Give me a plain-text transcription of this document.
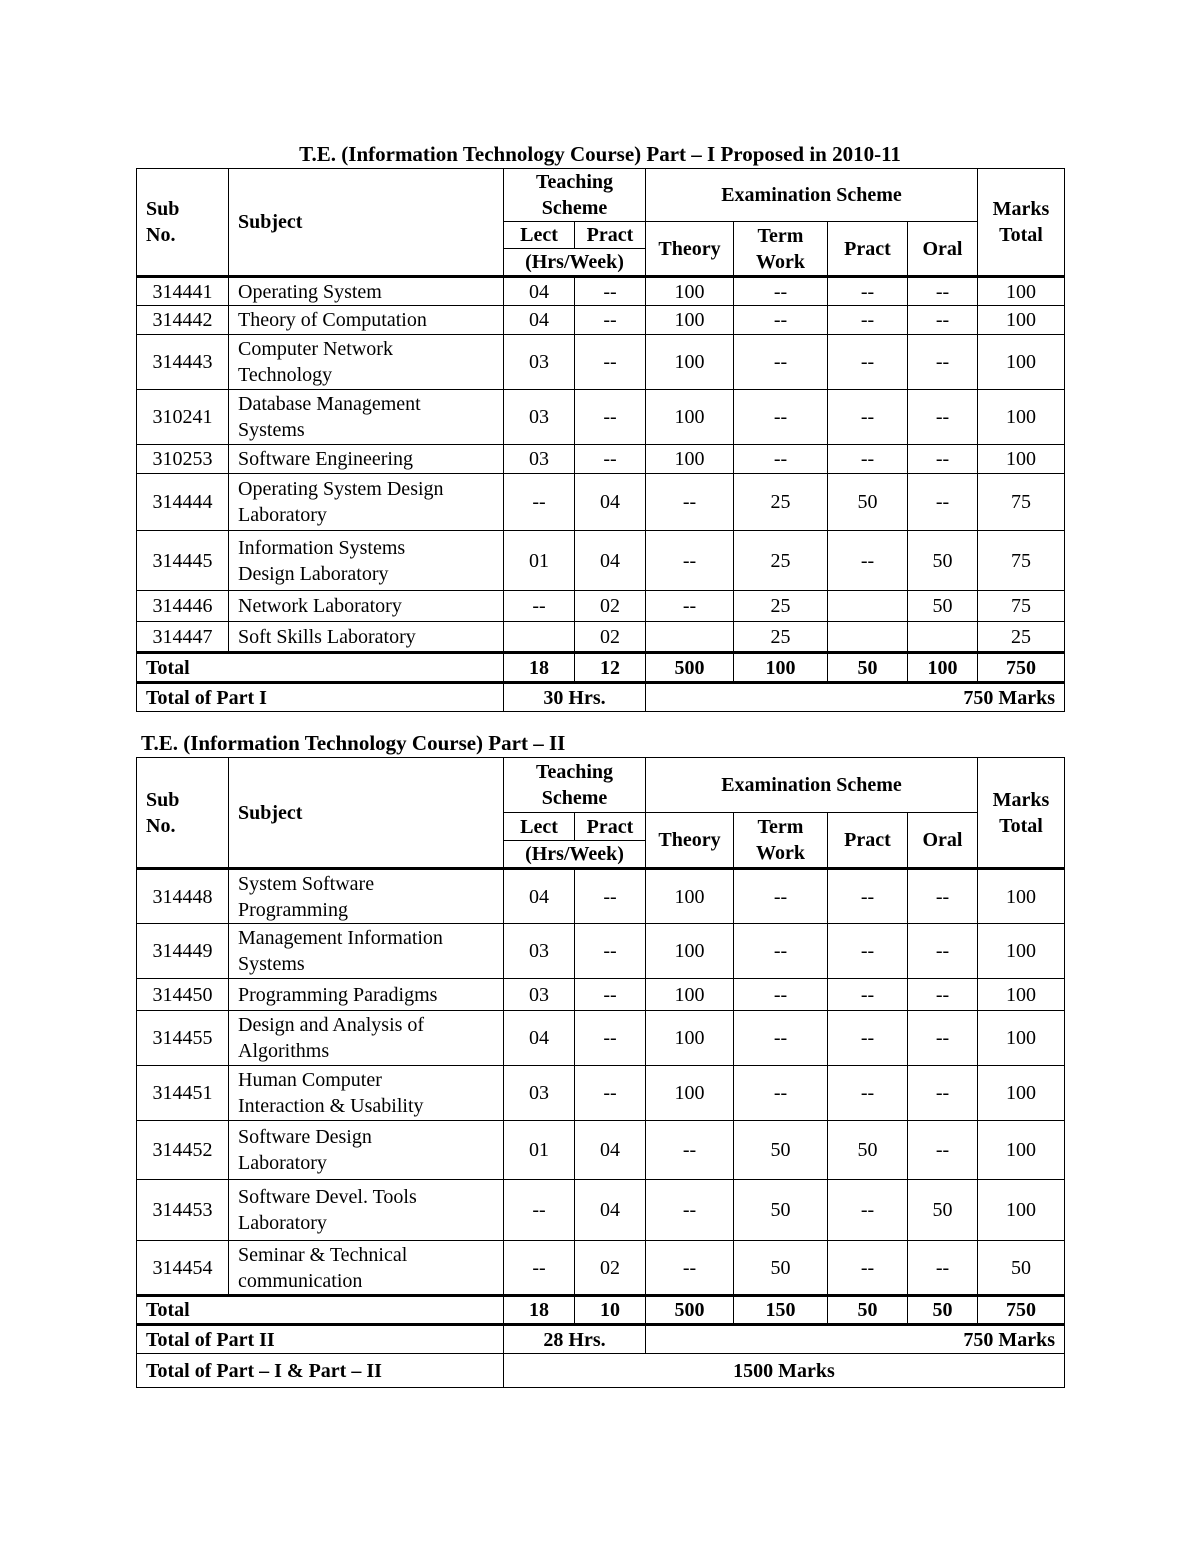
T.E. (Information Technology Course) Part – I Proposed in 2010-11
Sub
No.	Subject	Teaching
Scheme		Examination Scheme				Marks
Total
		Lect	Pract	Theory	Term
Work	Pract	Oral	
		(Hrs/Week)						
314441	Operating System	04	--	100	--	--	--	100
314442	Theory of Computation	04	--	100	--	--	--	100
314443	Computer Network
Technology	03	--	100	--	--	--	100
310241	Database Management
Systems	03	--	100	--	--	--	100
310253	Software Engineering	03	--	100	--	--	--	100
314444	Operating System Design
Laboratory	--	04	--	25	50	--	75
314445	Information Systems
Design Laboratory	01	04	--	25	--	50	75
314446	Network Laboratory	--	02	--	25		50	75
314447	Soft Skills Laboratory		02		25			25
Total		18	12	500	100	50	100	750
Total of Part I		30 Hrs.		750 Marks				
T.E. (Information Technology Course) Part – II
Sub
No.	Subject	Teaching
Scheme		Examination Scheme				Marks
Total
		Lect	Pract	Theory	Term
Work	Pract	Oral	
		(Hrs/Week)						
314448	System Software
Programming	04	--	100	--	--	--	100
314449	Management Information
Systems	03	--	100	--	--	--	100
314450	Programming Paradigms	03	--	100	--	--	--	100
314455	Design and Analysis of
Algorithms	04	--	100	--	--	--	100
314451	Human Computer
Interaction & Usability	03	--	100	--	--	--	100
314452	Software Design
Laboratory	01	04	--	50	50	--	100
314453	Software Devel. Tools
Laboratory	--	04	--	50	--	50	100
314454	Seminar & Technical
communication	--	02	--	50	--	--	50
Total		18	10	500	150	50	50	750
Total of Part II		28 Hrs.		750 Marks				
Total of Part – I & Part – II		1500 Marks						
